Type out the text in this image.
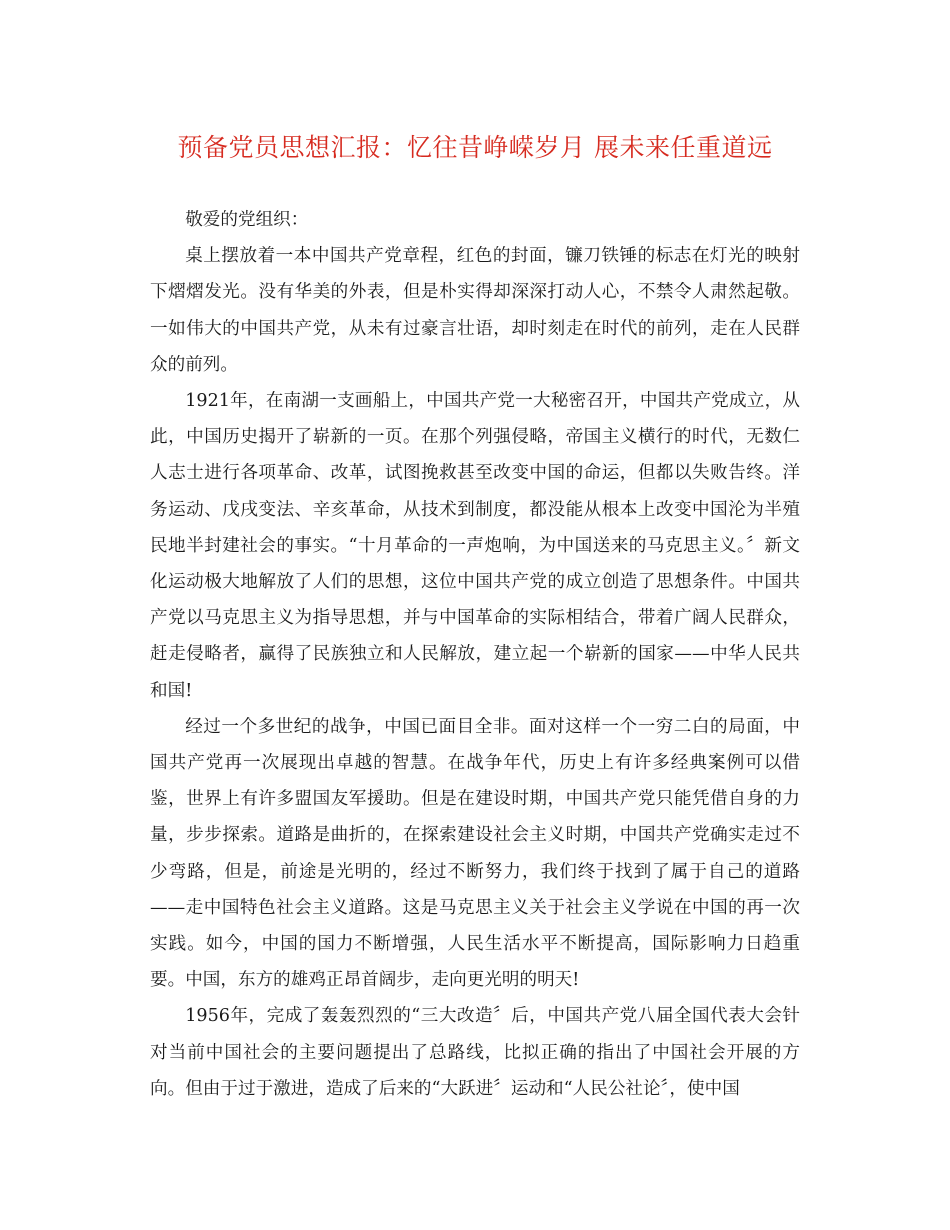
预备党员思想汇报：忆往昔峥嵘岁月 展未来任重道远

敬爱的党组织：

桌上摆放着一本中国共产党章程，红色的封面，镰刀铁锤的标志在灯光的映射下熠熠发光。没有华美的外表，但是朴实得却深深打动人心，不禁令人肃然起敬。一如伟大的中国共产党，从未有过豪言壮语，却时刻走在时代的前列，走在人民群众的前列。

1921年，在南湖一支画船上，中国共产党一大秘密召开，中国共产党成立，从此，中国历史揭开了崭新的一页。在那个列强侵略，帝国主义横行的时代，无数仁人志士进行各项革命、改革，试图挽救甚至改变中国的命运，但都以失败告终。洋务运动、戊戌变法、辛亥革命，从技术到制度，都没能从根本上改变中国沦为半殖民地半封建社会的事实。“十月革命的一声炮响，为中国送来的马克思主义。〞新文化运动极大地解放了人们的思想，这位中国共产党的成立创造了思想条件。中国共产党以马克思主义为指导思想，并与中国革命的实际相结合，带着广阔人民群众，赶走侵略者，赢得了民族独立和人民解放，建立起一个崭新的国家——中华人民共和国!

经过一个多世纪的战争，中国已面目全非。面对这样一个一穷二白的局面，中国共产党再一次展现出卓越的智慧。在战争年代，历史上有许多经典案例可以借鉴，世界上有许多盟国友军援助。但是在建设时期，中国共产党只能凭借自身的力量，步步探索。道路是曲折的，在探索建设社会主义时期，中国共产党确实走过不少弯路，但是，前途是光明的，经过不断努力，我们终于找到了属于自己的道路——走中国特色社会主义道路。这是马克思主义关于社会主义学说在中国的再一次实践。如今，中国的国力不断增强，人民生活水平不断提高，国际影响力日趋重要。中国，东方的雄鸡正昂首阔步，走向更光明的明天!

1956年，完成了轰轰烈烈的“三大改造〞后，中国共产党八届全国代表大会针对当前中国社会的主要问题提出了总路线，比拟正确的指出了中国社会开展的方向。但由于过于激进，造成了后来的“大跃进〞运动和“人民公社论〞，使中国
